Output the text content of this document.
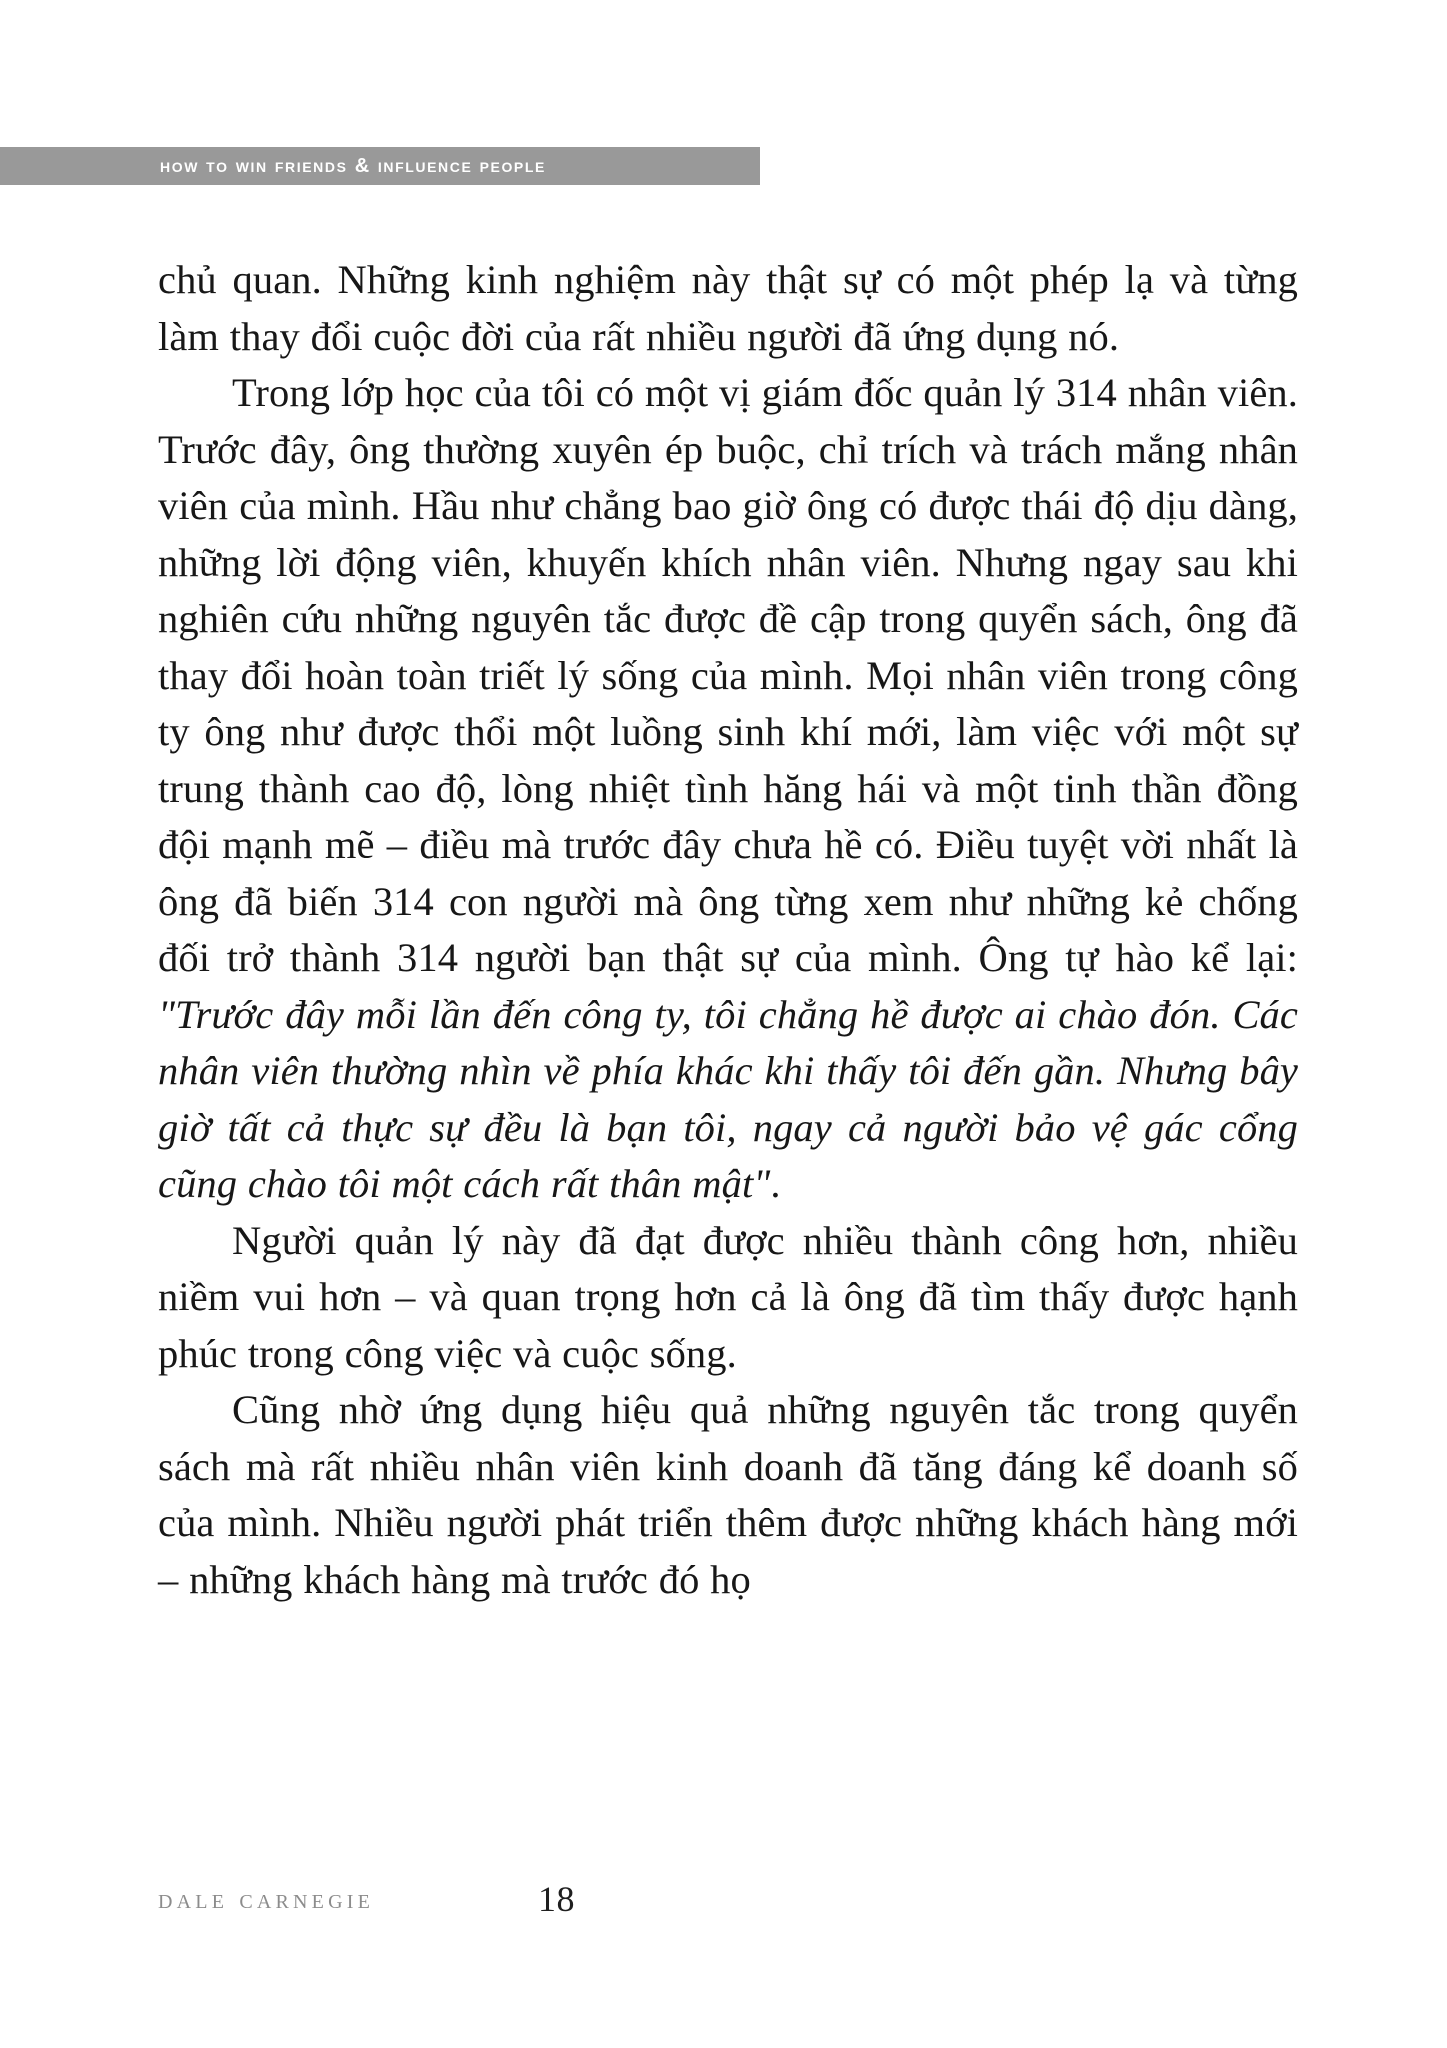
how to win friends & influence people

chủ quan. Những kinh nghiệm này thật sự có một phép lạ và từng làm thay đổi cuộc đời của rất nhiều người đã ứng dụng nó.

Trong lớp học của tôi có một vị giám đốc quản lý 314 nhân viên. Trước đây, ông thường xuyên ép buộc, chỉ trích và trách mắng nhân viên của mình. Hầu như chẳng bao giờ ông có được thái độ dịu dàng, những lời động viên, khuyến khích nhân viên. Nhưng ngay sau khi nghiên cứu những nguyên tắc được đề cập trong quyển sách, ông đã thay đổi hoàn toàn triết lý sống của mình. Mọi nhân viên trong công ty ông như được thổi một luồng sinh khí mới, làm việc với một sự trung thành cao độ, lòng nhiệt tình hăng hái và một tinh thần đồng đội mạnh mẽ – điều mà trước đây chưa hề có. Điều tuyệt vời nhất là ông đã biến 314 con người mà ông từng xem như những kẻ chống đối trở thành 314 người bạn thật sự của mình. Ông tự hào kể lại: "Trước đây mỗi lần đến công ty, tôi chẳng hề được ai chào đón. Các nhân viên thường nhìn về phía khác khi thấy tôi đến gần. Nhưng bây giờ tất cả thực sự đều là bạn tôi, ngay cả người bảo vệ gác cổng cũng chào tôi một cách rất thân mật".

Người quản lý này đã đạt được nhiều thành công hơn, nhiều niềm vui hơn – và quan trọng hơn cả là ông đã tìm thấy được hạnh phúc trong công việc và cuộc sống.

Cũng nhờ ứng dụng hiệu quả những nguyên tắc trong quyển sách mà rất nhiều nhân viên kinh doanh đã tăng đáng kể doanh số của mình. Nhiều người phát triển thêm được những khách hàng mới – những khách hàng mà trước đó họ

dale carnegie	18
